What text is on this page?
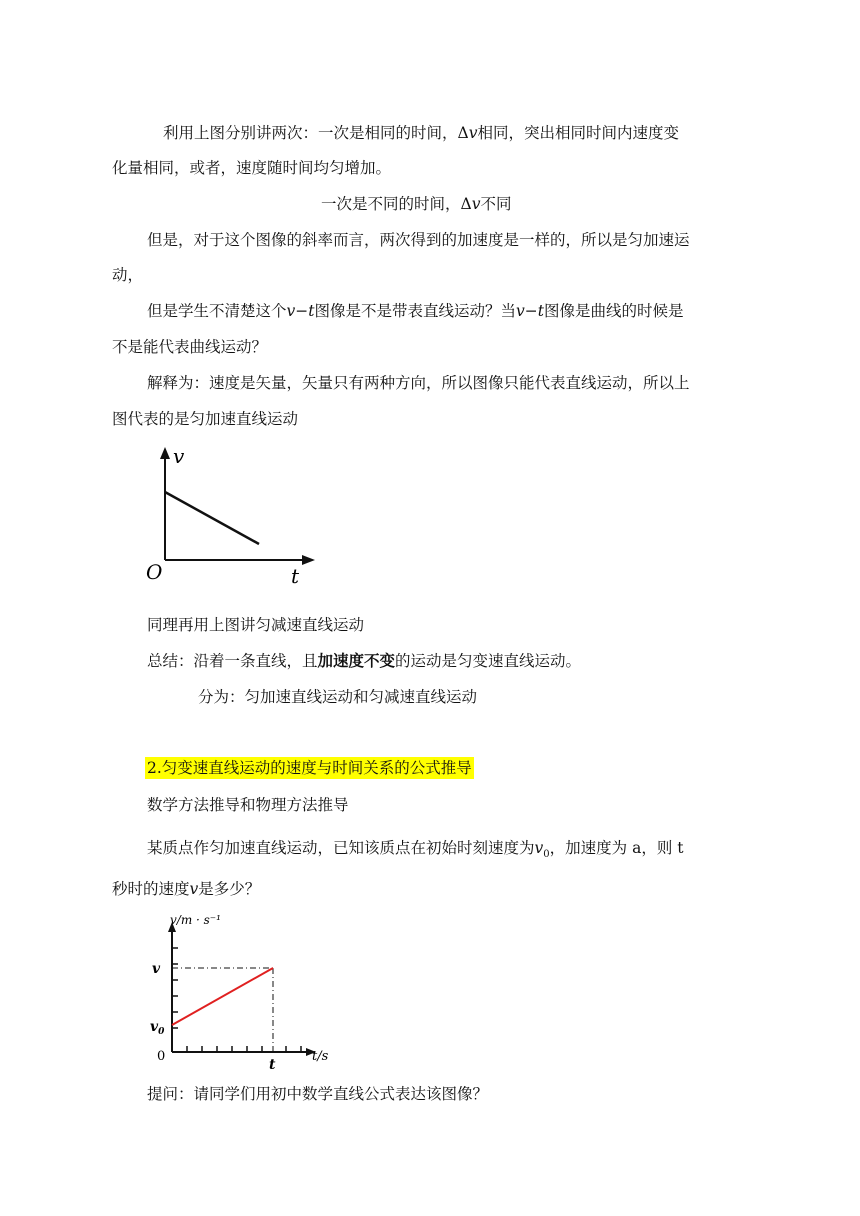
利用上图分别讲两次：一次是相同的时间，Δv相同，突出相同时间内速度变
化量相同，或者，速度随时间均匀增加。
一次是不同的时间，Δv不同
但是，对于这个图像的斜率而言，两次得到的加速度是一样的，所以是匀加速运
动，
但是学生不清楚这个v−t图像是不是带表直线运动？当v−t图像是曲线的时候是
不是能代表曲线运动？
解释为：速度是矢量，矢量只有两种方向，所以图像只能代表直线运动，所以上
图代表的是匀加速直线运动
v
t
O
同理再用上图讲匀减速直线运动
总结：沿着一条直线，且加速度不变的运动是匀变速直线运动。
分为：匀加速直线运动和匀减速直线运动
2.匀变速直线运动的速度与时间关系的公式推导
数学方法推导和物理方法推导
某质点作匀加速直线运动，已知该质点在初始时刻速度为$v_0$，加速度为 a，则 t
秒时的速度v是多少？
v/m · s⁻¹
t/s
v
$v_0$
0
t
提问：请同学们用初中数学直线公式表达该图像？
